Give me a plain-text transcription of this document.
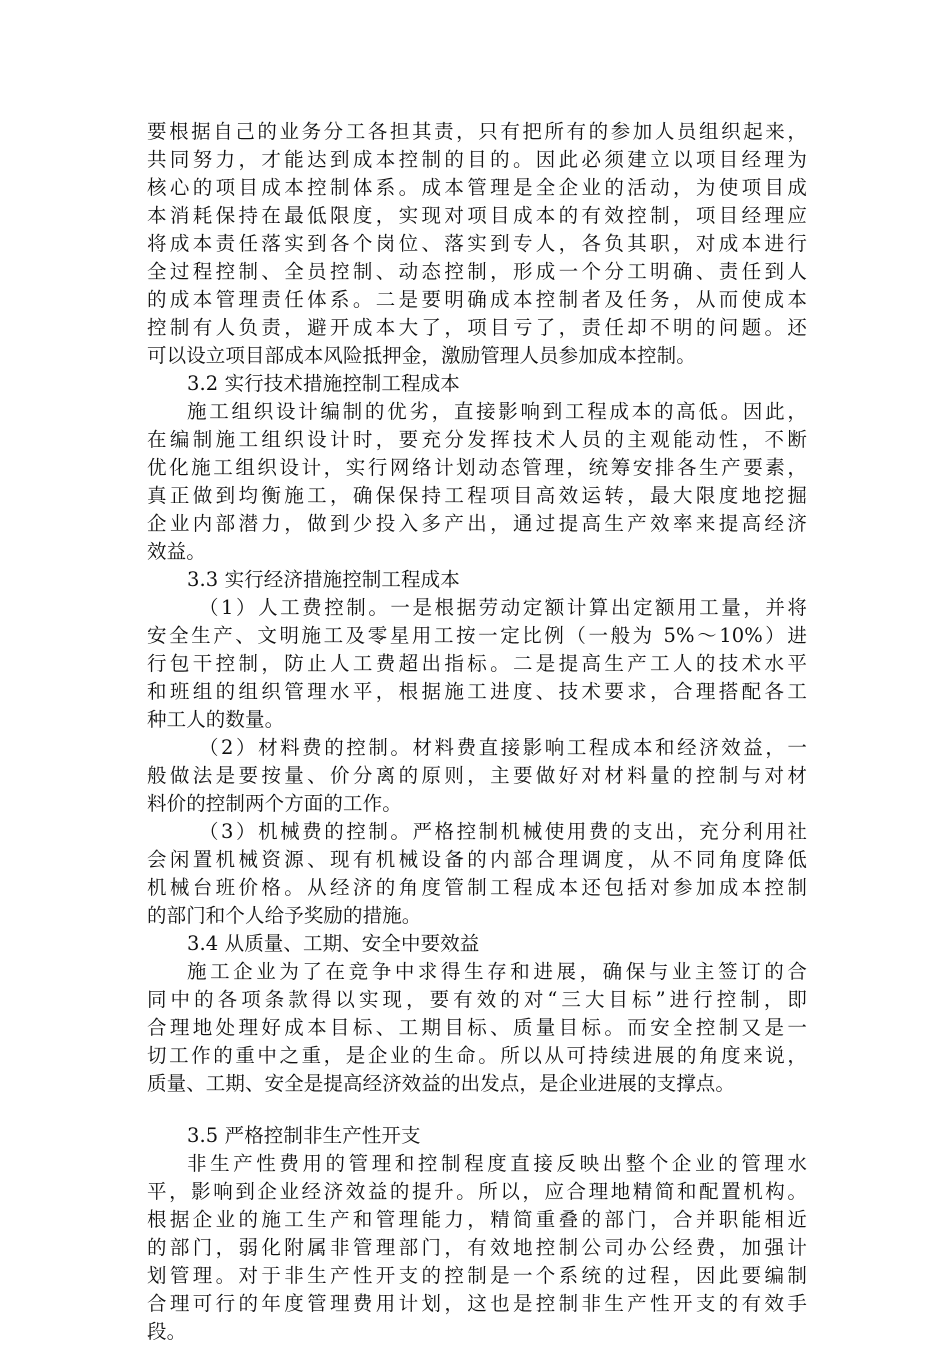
要根据自己的业务分工各担其责，只有把所有的参加人员组织起来，
共同努力，才能达到成本控制的目的。因此必须建立以项目经理为
核心的项目成本控制体系。成本管理是全企业的活动，为使项目成
本消耗保持在最低限度，实现对项目成本的有效控制，项目经理应
将成本责任落实到各个岗位、落实到专人，各负其职，对成本进行
全过程控制、全员控制、动态控制，形成一个分工明确、责任到人
的成本管理责任体系。二是要明确成本控制者及任务，从而使成本
控制有人负责，避开成本大了，项目亏了，责任却不明的问题。还
可以设立项目部成本风险抵押金，激励管理人员参加成本控制。
3.2 实行技术措施控制工程成本
施工组织设计编制的优劣，直接影响到工程成本的高低。因此，
在编制施工组织设计时，要充分发挥技术人员的主观能动性，不断
优化施工组织设计，实行网络计划动态管理，统筹安排各生产要素，
真正做到均衡施工，确保保持工程项目高效运转，最大限度地挖掘
企业内部潜力，做到少投入多产出，通过提高生产效率来提高经济
效益。
3.3 实行经济措施控制工程成本
（1）人工费控制。一是根据劳动定额计算出定额用工量，并将
安全生产、文明施工及零星用工按一定比例（一般为 5%～10%）进
行包干控制，防止人工费超出指标。二是提高生产工人的技术水平
和班组的组织管理水平，根据施工进度、技术要求，合理搭配各工
种工人的数量。
（2）材料费的控制。材料费直接影响工程成本和经济效益，一
般做法是要按量、价分离的原则，主要做好对材料量的控制与对材
料价的控制两个方面的工作。
（3）机械费的控制。严格控制机械使用费的支出，充分利用社
会闲置机械资源、现有机械设备的内部合理调度，从不同角度降低
机械台班价格。从经济的角度管制工程成本还包括对参加成本控制
的部门和个人给予奖励的措施。
3.4 从质量、工期、安全中要效益
施工企业为了在竞争中求得生存和进展，确保与业主签订的合
同中的各项条款得以实现，要有效的对“三大目标”进行控制，即
合理地处理好成本目标、工期目标、质量目标。而安全控制又是一
切工作的重中之重，是企业的生命。所以从可持续进展的角度来说，
质量、工期、安全是提高经济效益的出发点，是企业进展的支撑点。
3.5 严格控制非生产性开支
非生产性费用的管理和控制程度直接反映出整个企业的管理水
平，影响到企业经济效益的提升。所以，应合理地精简和配置机构。
根据企业的施工生产和管理能力，精简重叠的部门，合并职能相近
的部门，弱化附属非管理部门，有效地控制公司办公经费，加强计
划管理。对于非生产性开支的控制是一个系统的过程，因此要编制
合理可行的年度管理费用计划，这也是控制非生产性开支的有效手
段。
